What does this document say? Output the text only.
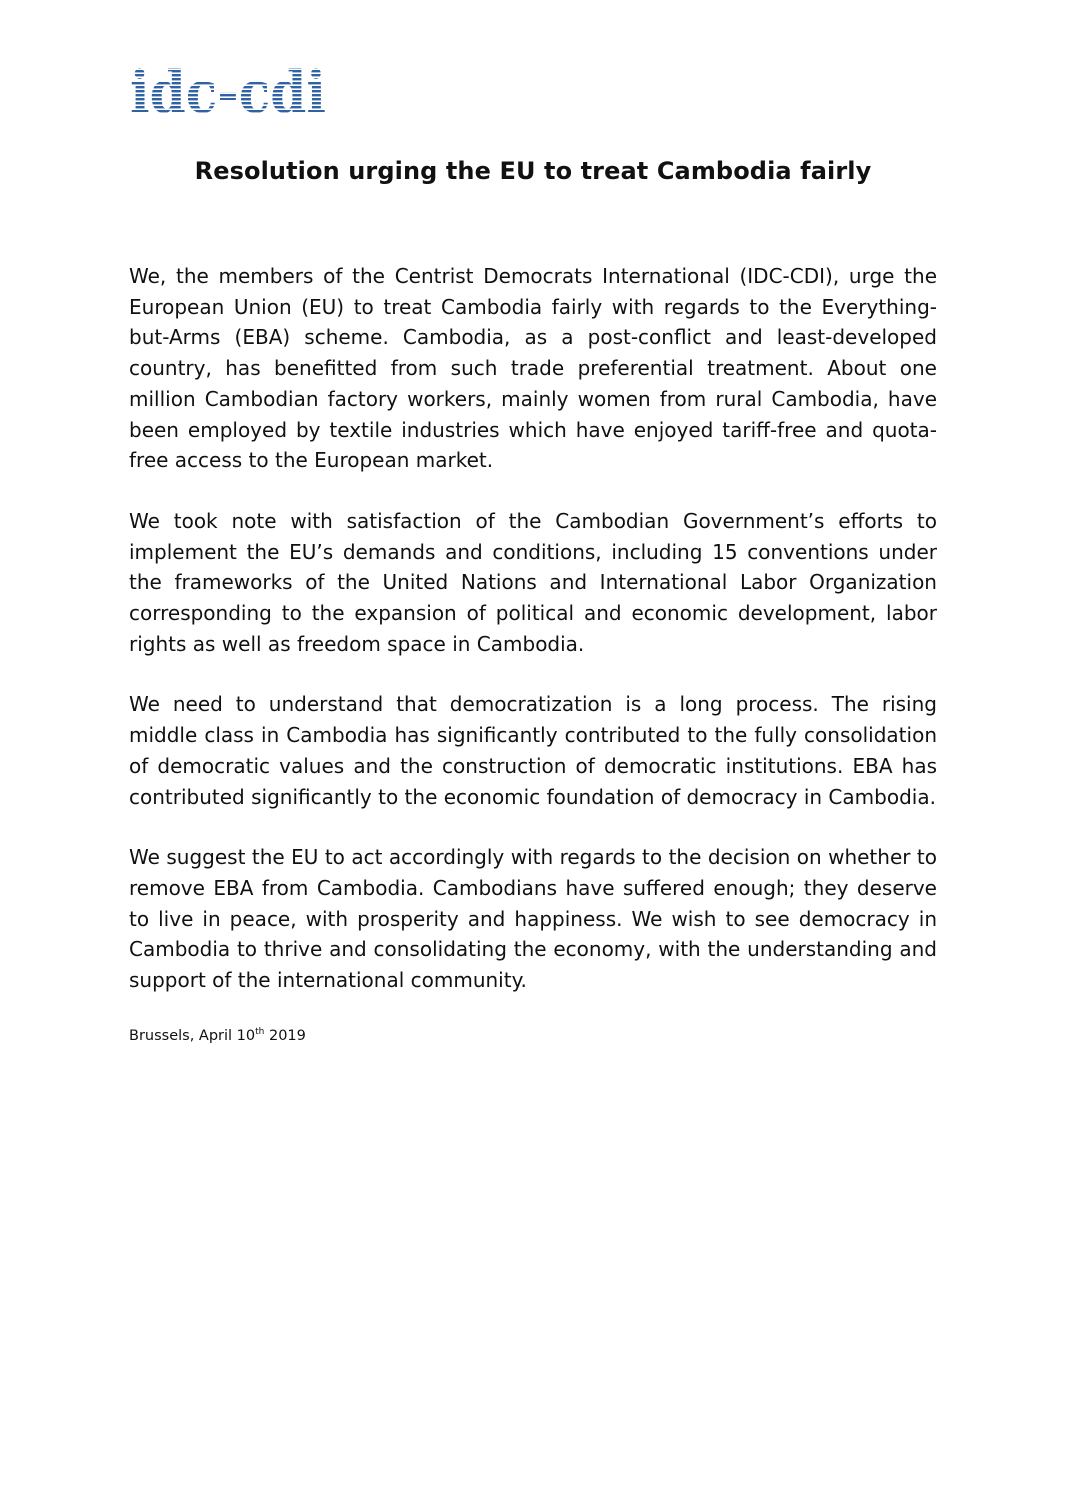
Resolution urging the EU to treat Cambodia fairly

We, the members of the Centrist Democrats International (IDC-CDI), urge the European Union (EU) to treat Cambodia fairly with regards to the Everything-but-Arms (EBA) scheme. Cambodia, as a post-conflict and least-developed country, has benefitted from such trade preferential treatment. About one million Cambodian factory workers, mainly women from rural Cambodia, have been employed by textile industries which have enjoyed tariff-free and quota-free access to the European market.

We took note with satisfaction of the Cambodian Government’s efforts to implement the EU’s demands and conditions, including 15 conventions under the frameworks of the United Nations and International Labor Organization corresponding to the expansion of political and economic development, labor rights as well as freedom space in Cambodia.

We need to understand that democratization is a long process. The rising middle class in Cambodia has significantly contributed to the fully consolidation of democratic values and the construction of democratic institutions. EBA has contributed significantly to the economic foundation of democracy in Cambodia.

We suggest the EU to act accordingly with regards to the decision on whether to remove EBA from Cambodia. Cambodians have suffered enough; they deserve to live in peace, with prosperity and happiness. We wish to see democracy in Cambodia to thrive and consolidating the economy, with the understanding and support of the international community.

Brussels, April 10th 2019
